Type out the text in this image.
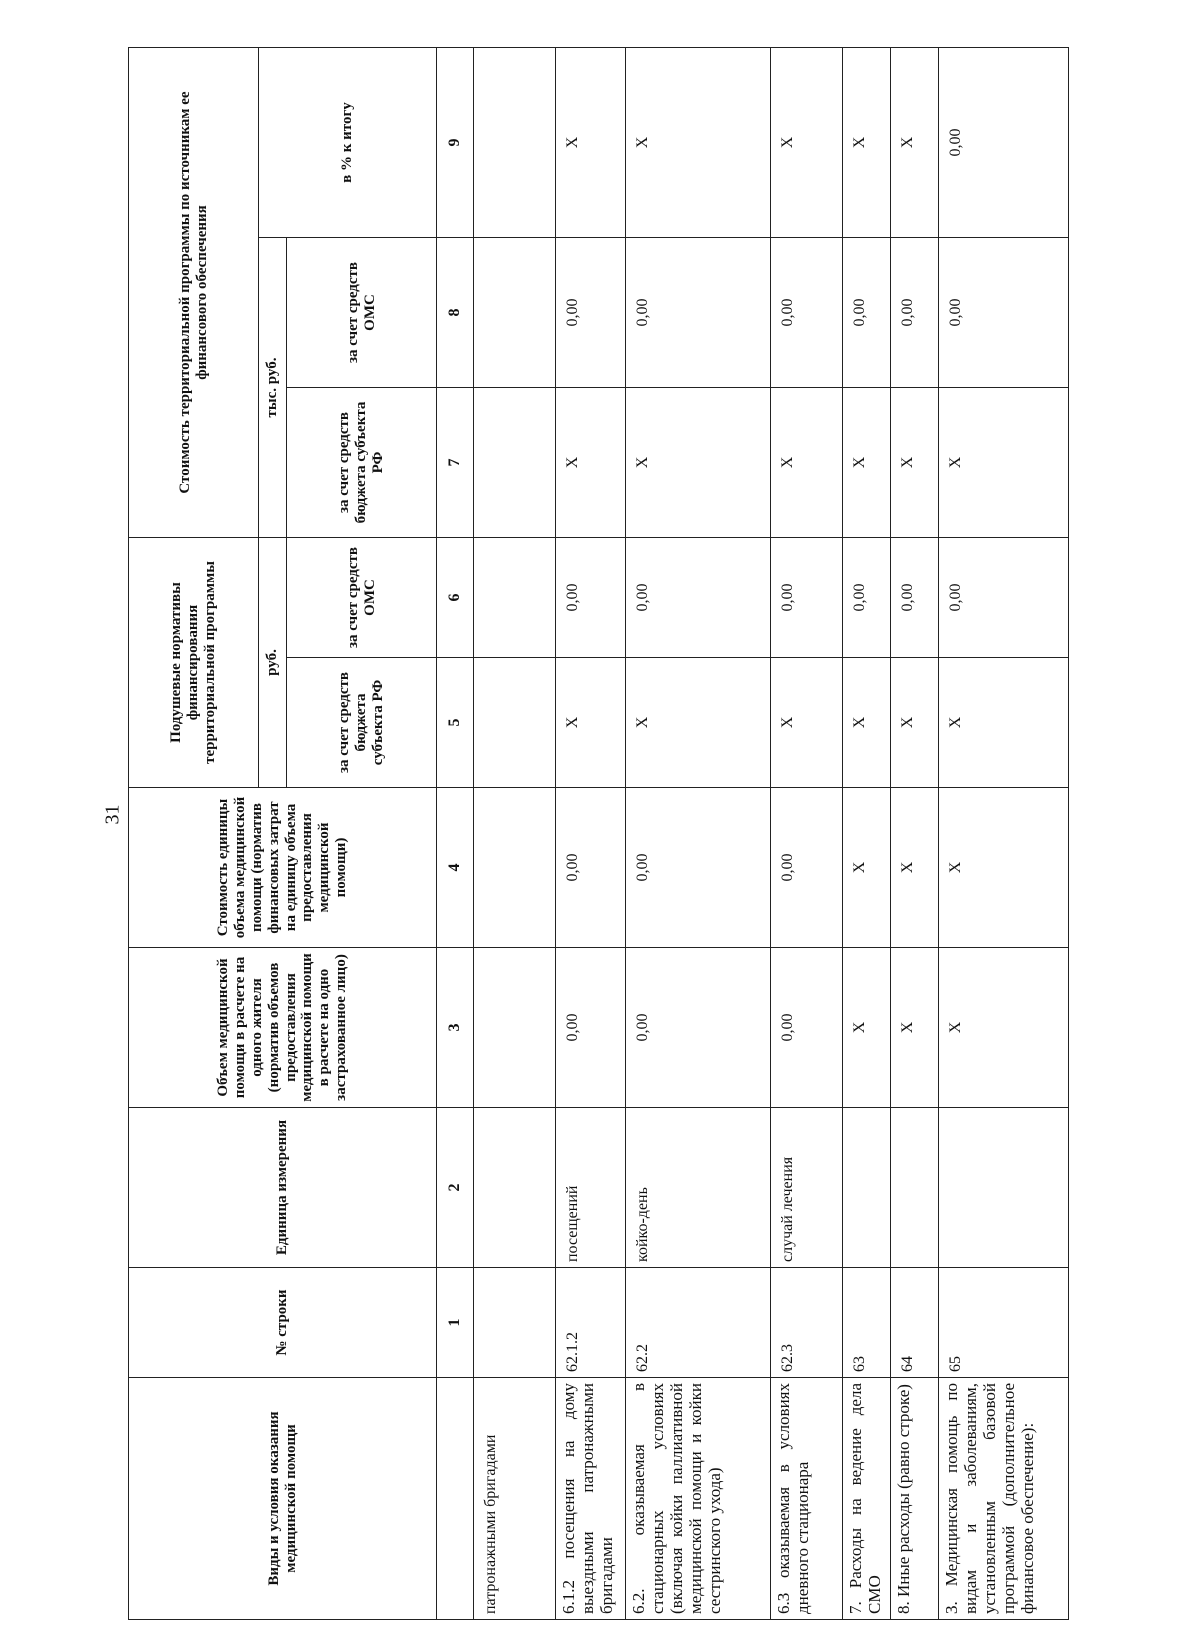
31
Виды и условия оказания медицинской помощи	№ строки	Единица измерения	Объем медицинской помощи в расчете на одного жителя (норматив объемов предоставления медицинской помощи в расчете на одно застрахованное лицо)	Стоимость единицы объема медицинской помощи (норматив финансовых затрат на единицу объема предоставления медицинской помощи)	Подушевые нормативы финансирования территориальной программы		Стоимость территориальной программы по источникам ее финансового обеспечения		
					руб.		тыс. руб.		в % к итогу
					за счет средств бюджета субъекта РФ	за счет средств ОМС	за счет средств бюджета субъекта РФ	за счет средств ОМС	
	1	2	3	4	5	6	7	8	9
патронажными бригадами									
6.1.2 посещения на дому выездными патронажными бригадами	62.1.2	посещений	0,00	0,00	X	0,00	X	0,00	X
6.2. оказываемая в стационарных условиях (включая койки паллиативной медицинской помощи и койки сестринского ухода)	62.2	койко-день	0,00	0,00	X	0,00	X	0,00	X
6.3 оказываемая в условиях дневного стационара	62.3	случай лечения	0,00	0,00	X	0,00	X	0,00	X
7. Расходы на ведение дела СМО	63		X	X	X	0,00	X	0,00	X
8. Иные расходы (равно строке)	64		X	X	X	0,00	X	0,00	X
3. Медицинская помощь по видам и заболеваниям, установленным базовой программой (дополнительное финансовое обеспечение):	65		X	X	X	0,00	X	0,00	0,00
